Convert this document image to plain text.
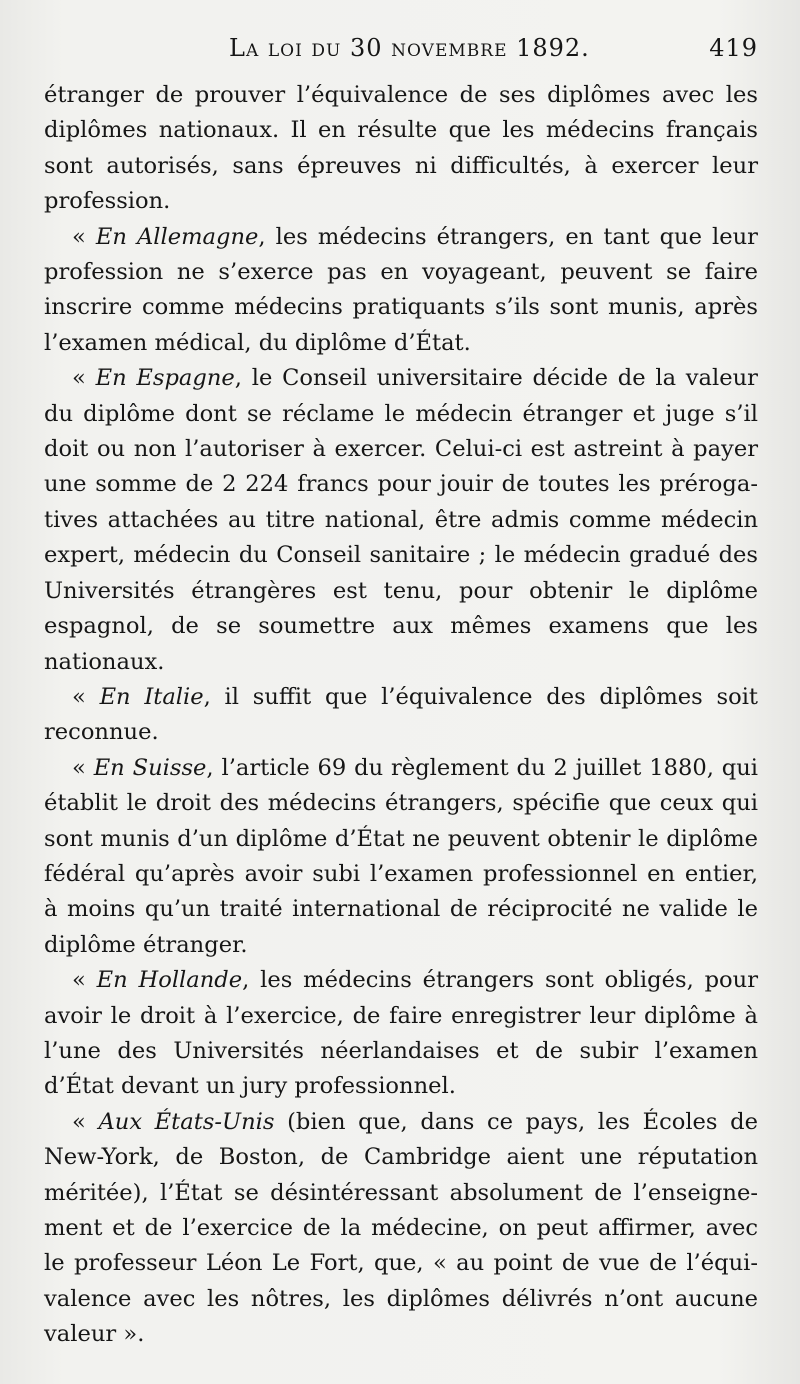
La loi du 30 novembre 1892.	419

étranger de prouver l’équivalence de ses diplômes avec les diplômes nationaux. Il en résulte que les médecins français sont autorisés, sans épreuves ni difficultés, à exercer leur profession.

« En Allemagne, les médecins étrangers, en tant que leur profession ne s’exerce pas en voyageant, peuvent se faire inscrire comme médecins pratiquants s’ils sont munis, après l’examen médical, du diplôme d’État.

« En Espagne, le Conseil universitaire décide de la valeur du diplôme dont se réclame le médecin étranger et juge s’il doit ou non l’autoriser à exercer. Celui-ci est astreint à payer une somme de 2 224 francs pour jouir de toutes les prérogatives attachées au titre national, être admis comme médecin expert, médecin du Conseil sanitaire ; le médecin gradué des Universités étrangères est tenu, pour obtenir le diplôme espagnol, de se soumettre aux mêmes examens que les nationaux.

« En Italie, il suffit que l’équivalence des diplômes soit reconnue.

« En Suisse, l’article 69 du règlement du 2 juillet 1880, qui établit le droit des médecins étrangers, spécifie que ceux qui sont munis d’un diplôme d’État ne peuvent obtenir le diplôme fédéral qu’après avoir subi l’examen professionnel en entier, à moins qu’un traité international de réciprocité ne valide le diplôme étranger.

« En Hollande, les médecins étrangers sont obligés, pour avoir le droit à l’exercice, de faire enregistrer leur diplôme à l’une des Universités néerlandaises et de subir l’examen d’État devant un jury professionnel.

« Aux États-Unis (bien que, dans ce pays, les Écoles de New-York, de Boston, de Cambridge aient une réputation méritée), l’État se désintéressant absolument de l’enseignement et de l’exercice de la médecine, on peut affirmer, avec le professeur Léon Le Fort, que, « au point de vue de l’équivalence avec les nôtres, les diplômes délivrés n’ont aucune valeur ».
